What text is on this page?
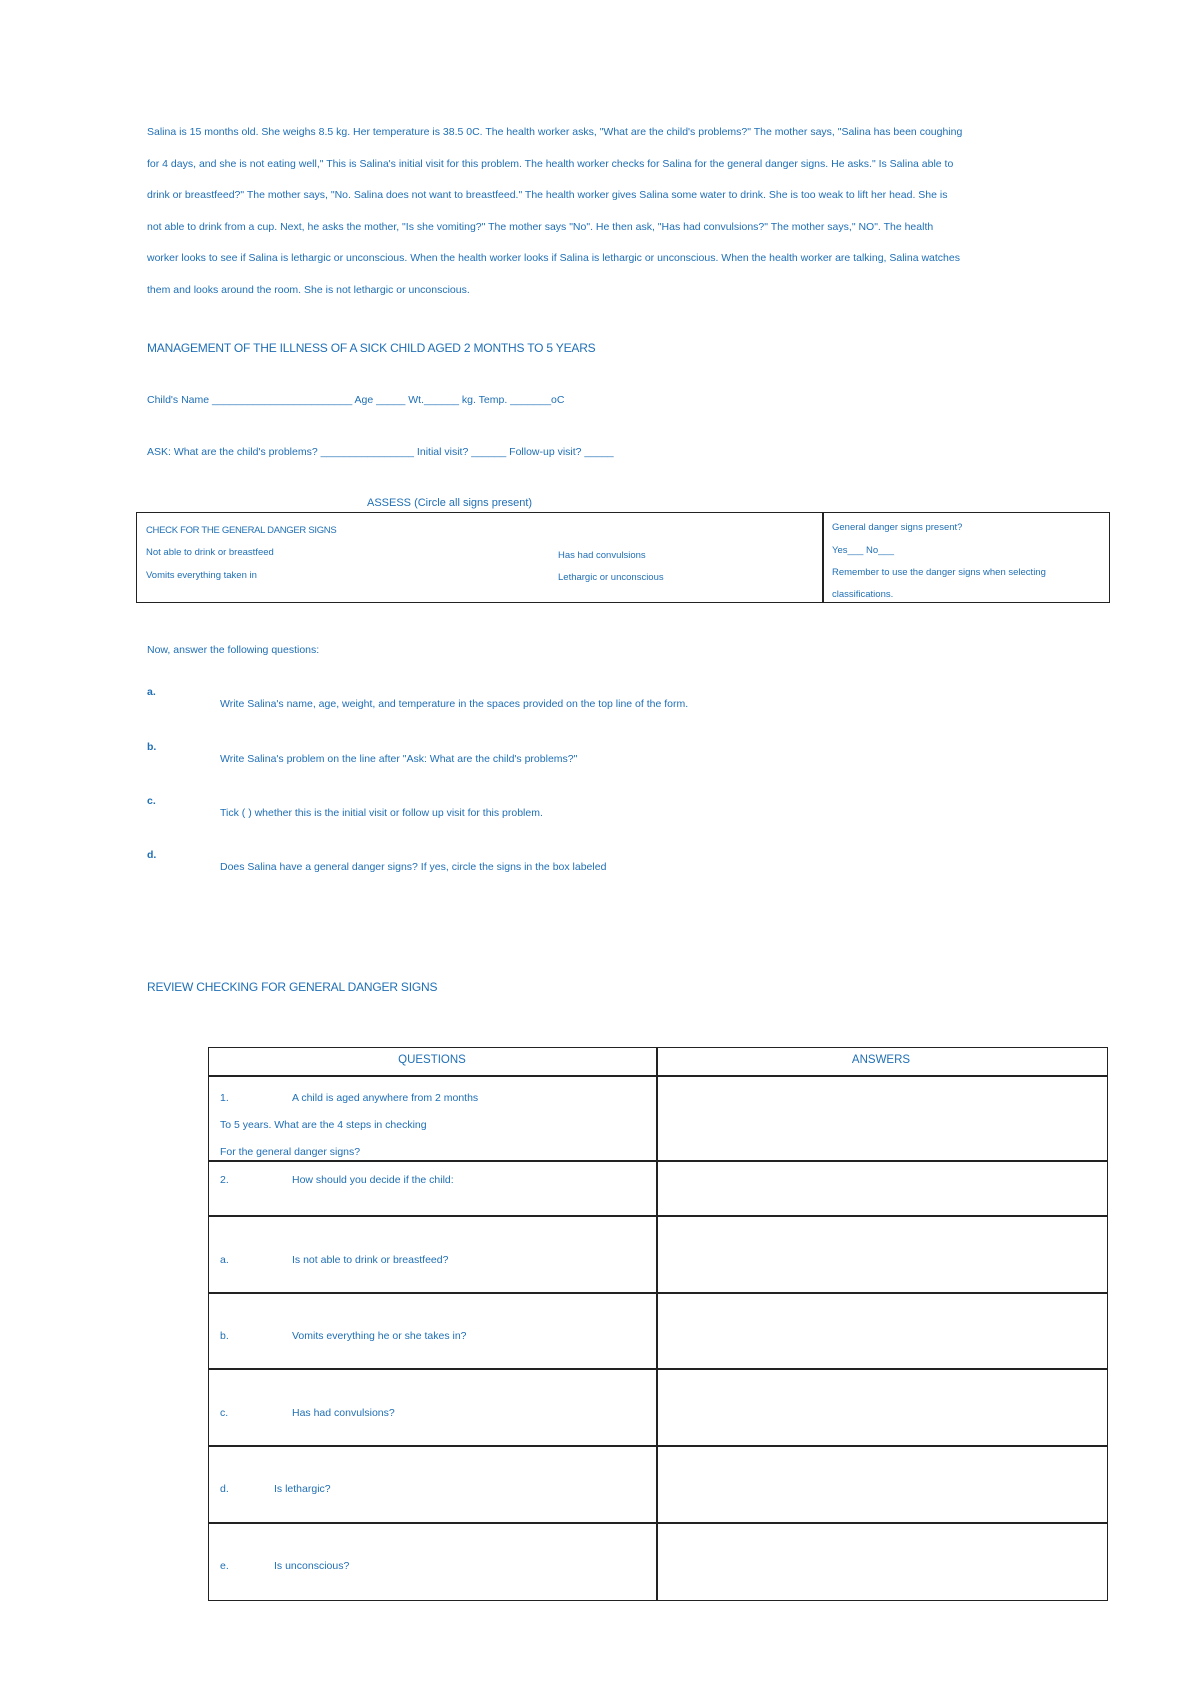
Salina is 15 months old. She weighs 8.5 kg. Her temperature is 38.5 0C. The health worker asks, "What are the child's problems?" The mother says, "Salina has been coughing
for 4 days, and she is not eating well," This is Salina's initial visit for this problem. The health worker checks for Salina for the general danger signs. He asks." Is Salina able to
drink or breastfeed?" The mother says, "No. Salina does not want to breastfeed." The health worker gives Salina some water to drink. She is too weak to lift her head. She is
not able to drink from a cup. Next, he asks the mother, "Is she vomiting?" The mother says "No". He then ask, "Has had convulsions?" The mother says," NO". The health
worker looks to see if Salina is lethargic or unconscious. When the health worker looks if Salina is lethargic or unconscious. When the health worker are talking, Salina watches
them and looks around the room. She is not lethargic or unconscious.
MANAGEMENT OF THE ILLNESS OF A SICK CHILD AGED 2 MONTHS TO 5 YEARS
Child's Name ________________________ Age _____ Wt.______ kg. Temp. _______oC
ASK: What are the child's problems? ________________ Initial visit? ______ Follow-up visit? _____
ASSESS (Circle all signs present)
CHECK FOR THE GENERAL DANGER SIGNS
Not able to drink or breastfeed
Vomits everything taken in
Has had convulsions
Lethargic or unconscious
General danger signs present?
Yes___ No___
Remember to use the danger signs when selecting
classifications.
Now, answer the following questions:
a.
Write Salina's name, age, weight, and temperature in the spaces provided on the top line of the form.
b.
Write Salina's problem on the line after "Ask: What are the child's problems?"
c.
Tick ( ) whether this is the initial visit or follow up visit for this problem.
d.
Does Salina have a general danger signs? If yes, circle the signs in the box labeled
REVIEW CHECKING FOR GENERAL DANGER SIGNS
QUESTIONS	ANSWERS
1.	A child is aged anywhere from 2 months
To 5 years. What are the 4 steps in checking
For the general danger signs?
2.	How should you decide if the child:
a.	Is not able to drink or breastfeed?
b.	Vomits everything he or she takes in?
c.	Has had convulsions?
d.	Is lethargic?
e.	Is unconscious?
